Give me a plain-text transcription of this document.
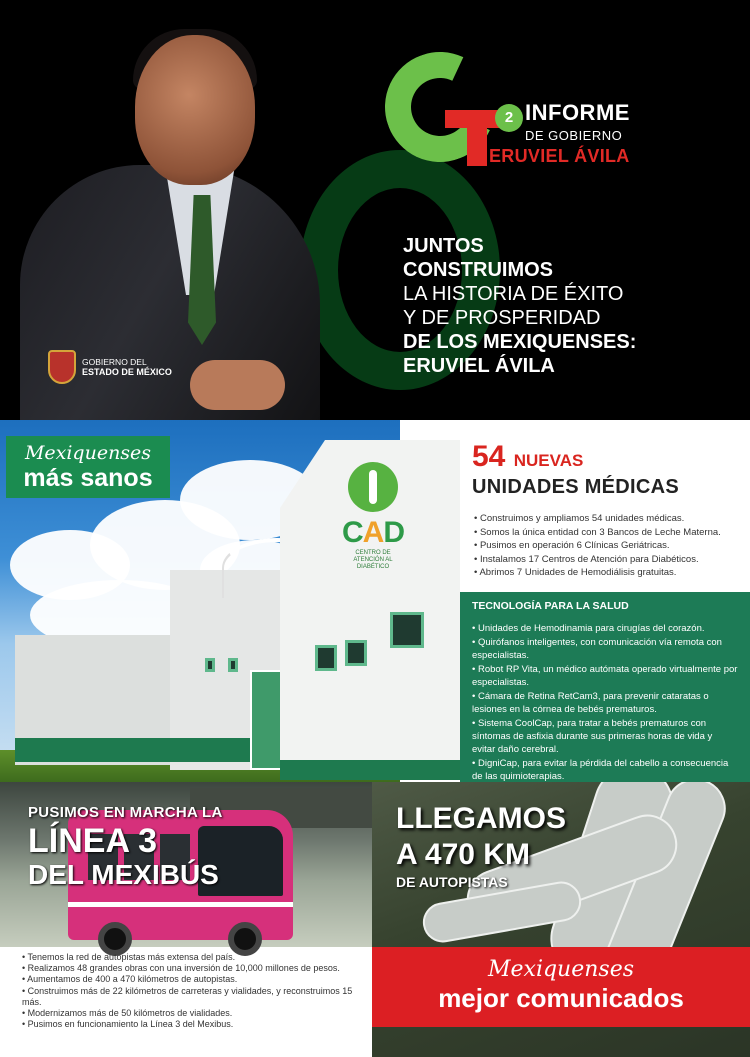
GOBIERNO DEL
ESTADO DE MÉXICO
2 INFORME
DE GOBIERNO
ERUVIEL ÁVILA
JUNTOS
CONSTRUIMOS
LA HISTORIA DE ÉXITO
Y DE PROSPERIDAD
DE LOS MEXIQUENSES:
ERUVIEL ÁVILA
CAD
CENTRO DE ATENCIÓN AL DIABÉTICO
Mexiquenses
más sanos
54 NUEVAS
UNIDADES MÉDICAS
• Construimos y ampliamos 54 unidades médicas.
• Somos la única entidad con 3 Bancos de Leche Materna.
• Pusimos en operación 6 Clínicas Geriátricas.
• Instalamos 17 Centros de Atención para Diabéticos.
• Abrimos 7 Unidades de Hemodiálisis gratuitas.
TECNOLOGÍA PARA LA SALUD
• Unidades de Hemodinamia para cirugías del corazón.
• Quirófanos inteligentes, con comunicación vía remota con especialistas.
• Robot RP Vita, un médico autómata operado virtualmente por especialistas.
• Cámara de Retina RetCam3, para prevenir cataratas o lesiones en la córnea de bebés prematuros.
• Sistema CoolCap, para tratar a bebés prematuros con síntomas de asfixia durante sus primeras horas de vida y evitar daño cerebral.
• DigniCap, para evitar la pérdida del cabello a consecuencia de las quimioterapias.
PUSIMOS EN MARCHA LA
LÍNEA 3
DEL MEXIBÚS
• Tenemos la red de autopistas más extensa del país.
• Realizamos 48 grandes obras con una inversión de 10,000 millones de pesos.
• Aumentamos de 400 a 470 kilómetros de autopistas.
• Construimos más de 22 kilómetros de carreteras y vialidades, y reconstruimos 15 más.
• Modernizamos más de 50 kilómetros de vialidades.
• Pusimos en funcionamiento la Línea 3 del Mexibus.
LLEGAMOS
A 470 KM
DE AUTOPISTAS
Mexiquenses
mejor comunicados
